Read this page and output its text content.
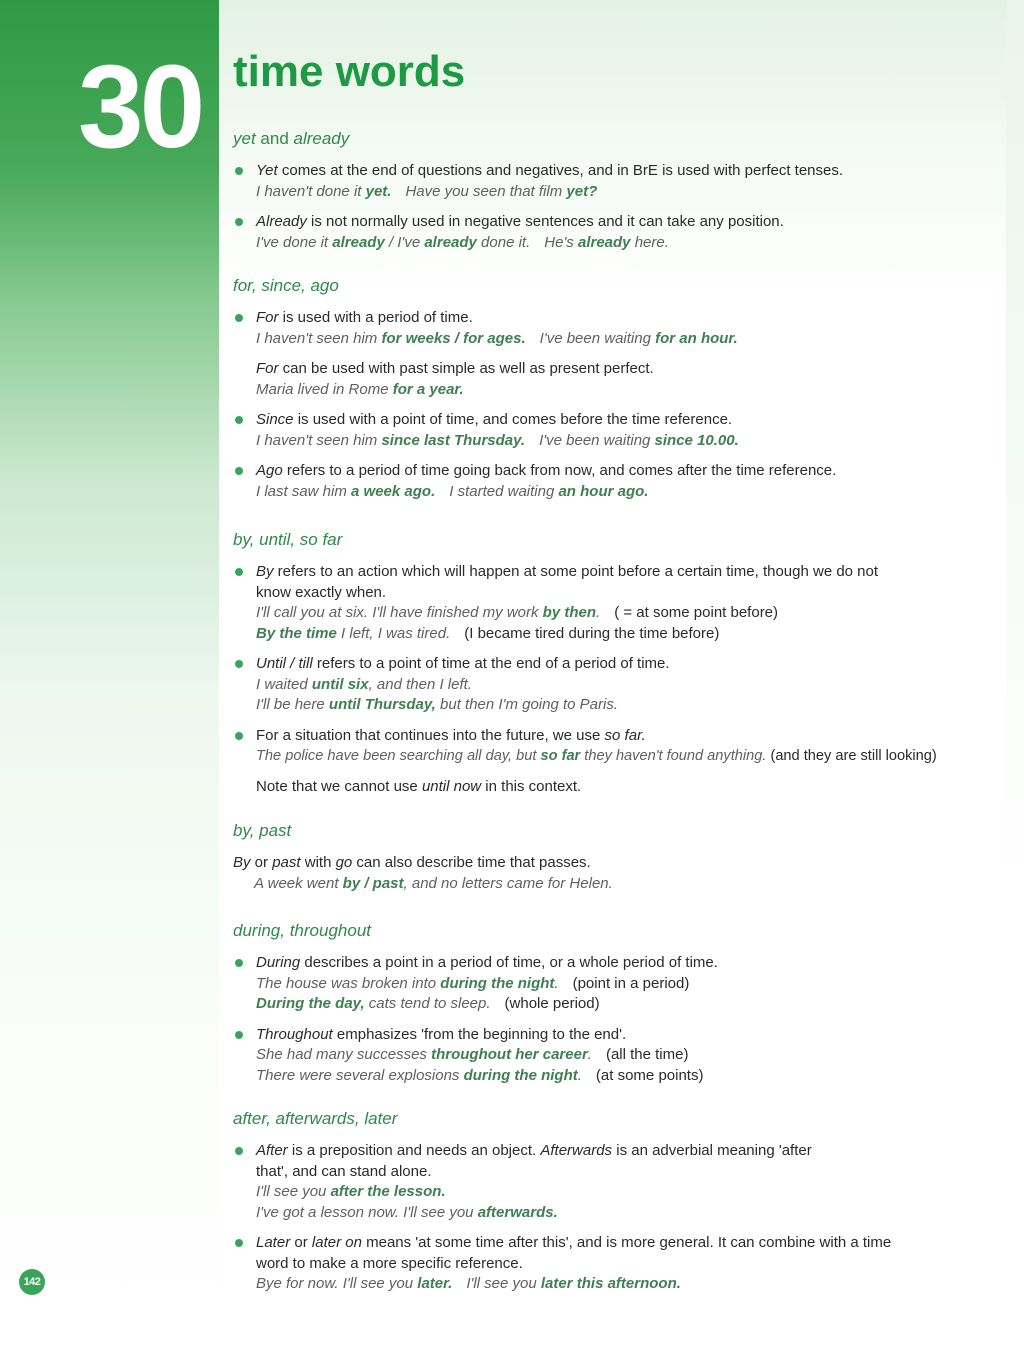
30 time words
yet and already

Yet comes at the end of questions and negatives, and in BrE is used with perfect tenses.

I haven't done it yet. Have you seen that film yet?

Already is not normally used in negative sentences and it can take any position.

I've done it already / I've already done it. He's already here.

for, since, ago

For is used with a period of time.

I haven't seen him for weeks / for ages. I've been waiting for an hour.

For can be used with past simple as well as present perfect.

Maria lived in Rome for a year.

Since is used with a point of time, and comes before the time reference.

I haven't seen him since last Thursday. I've been waiting since 10.00.

Ago refers to a period of time going back from now, and comes after the time reference.

I last saw him a week ago. I started waiting an hour ago.

by, until, so far

By refers to an action which will happen at some point before a certain time, though we do not

know exactly when.

I'll call you at six. I'll have finished my work by then. ( = at some point before)

By the time I left, I was tired. (I became tired during the time before)

Until / till refers to a point of time at the end of a period of time.

I waited until six, and then I left.

I'll be here until Thursday, but then I'm going to Paris.

For a situation that continues into the future, we use so far.

The police have been searching all day, but so far they haven't found anything. (and they are still looking)

Note that we cannot use until now in this context.

by, past

By or past with go can also describe time that passes.

A week went by / past, and no letters came for Helen.

during, throughout

During describes a point in a period of time, or a whole period of time.

The house was broken into during the night. (point in a period)

During the day, cats tend to sleep. (whole period)

Throughout emphasizes 'from the beginning to the end'.

She had many successes throughout her career. (all the time)

There were several explosions during the night. (at some points)

after, afterwards, later

After is a preposition and needs an object. Afterwards is an adverbial meaning 'after

that', and can stand alone.

I'll see you after the lesson.

I've got a lesson now. I'll see you afterwards.

Later or later on means 'at some time after this', and is more general. It can combine with a time

word to make a more specific reference.

Bye for now. I'll see you later. I'll see you later this afternoon.

142
